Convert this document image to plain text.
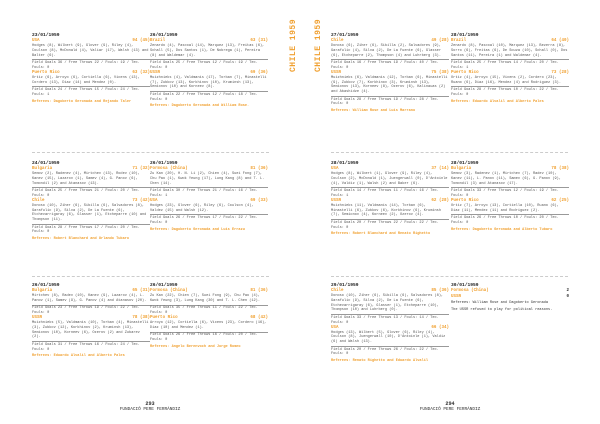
CHILE 1959
23/01/1959
USA	94 (45)
Hodges (8), Wilbert (9), Glover (9), Riley (4), Coulson (8), McDonald (4), Valiar (17), Walsh (13) and Balter (6).
Field Goals 36 / Free Throws 22 / Fouls: 19 / Tec. Fouls: 0
Puerto Rico	63 (32)
Ortiz (6), Arroyo (6), Cortiella (6), Vicens (13), Cordero (13), Diaz (14) and Mendez (0).
Field Goals 24 / Free Throws 15 / Fouls: 24 / Tec. Fouls: 1
Referees: Dagoberto Geronada and Rejando Taler
26/01/1959
Brazil	63 (31)
Zenardo (4), Pascoal (14), Marquez (13), Freitas (6), Schall (5), Dos Santos (1), De Nobrega (1), Pereira (8) and Waldemar (4).
Field Goals 25 / Free Throws 12 / Fouls: 19 / Tec. Fouls: 0
USSR	69 (36)
Muizhnieks (4), Valdmanis (17), Torban (7), Minastelli (7), Zubkov (13), Korkhinov (10), Kruminsh (13), Semionov (10) and Korneev (8).
Field Goals 22 / Free Throws 12 / Fouls: 18 / Tec. Fouls: 0
Referees: Dagoberto Geronada and William Rose.
24/01/1959
Bulgaria	71 (32)
Semov (2), Radenev (4), Mirtchev (13), Rodev (10), Kanev (15), Lazarov (1), Samev (4), G. Panov (6), Tomondil (2) and Atanasov (13).
Field Goals 25 / Free Throws 21 / Fouls: 20 / Tec. Fouls: 0
Chile	73 (42)
Donoso (10), Ziher (6), Sibilla (6), Salvadores (8), Garafulic (9), Silva (2), De La Fuente (6), Etchevarrigaray (6), Glasser (1), Etcheparre (10) and Thompson (11).
Field Goals 28 / Free Throws 17 / Fouls: 20 / Tec. Fouls: 0
Referees: Robert Blanchard and Orlando Tubaro
26/01/1959
Formosa (China)	81 (36)
Zu Kan (20), H. N. Li (2), Chien (4), Suei Fong (7), Chu Pao (1), Kwok Yeung (17), Lung Kang (8) and T. L. Chen (14).
Field Goals 30 / Free Throws 21 / Fouls: 16 / Tec. Fouls: 1
USA	69 (33)
Hodges (23), Glover (6), Riley (6), Coulson (4), Valdez (15) and Walsh (12).
Field Goals 26 / Free Throws 17 / Fouls: 22 / Tec. Fouls: 0
Referees: Dagoberto Geronada and Luis Errazu
26/01/1959
Bulgaria	65 (31)
Mirtchev (8), Radev (10), Kanev (9), Lazarov (4), L. Panov (1), Samev (9), G. Panov (4) and Atanasov (20).
Field Goals 23 / Free Throws 19 / Fouls: 22 / Tec. Fouls: 0
USSR	78 (38)
Muizhnieks (5), Valdmanis (10), Torban (4), Minastelli (3), Zubkov (12), Korkhinov (2), Kruminsh (13), Semionov (10), Korneev (6), Ozerov (2) and Zubarev (2).
Field Goals 31 / Free Throws 16 / Fouls: 24 / Tec. Fouls: 0
Referees: Eduardo Alvalil and Alberto Pales
26/01/1959
Formosa (China)	81 (36)
Zu Kan (22), Chien (7), Suei Fong (9), Chu Pao (4), Kwok Yeung (3), Lung Kang (30) and T. L. Chen (12).
Field Goals 35 / Free Throws 11 / Fouls: 22 / Tec. Fouls: 0
Puerto Rico	68 (42)
Arroyo (12), Cortiella (6), Vicens (23), Cordero (16), Diaz (10) and Mendez (1).
Field Goals 26 / Free Throws 16 / Fouls: 20 / Tec. Fouls: 0
Referees: Angelo Berenvoch and Jorge Romeo
293
FUNDACIÓ PERE FERRÁNDIZ
CHILE 1959 27/01/1959
Chile	49 (28)
Donoso (6), Ziher (6), Sibilla (2), Salvadores (9), Garafulic (4), Silva (2), De La Fuente (6), Glasser (6), Etcheparre (2), Thompson (4) and Luhrberg (3).
Field Goals 16 / Free Throws 19 / Fouls: 40 / Tec. Fouls: 0
USSR	75 (38)
Muizhnieks (6), Valdmanis (12), Torban (6), Minastelli (9), Zubkov (7), Korkhinov (3), Kruminsh (13), Semionov (13), Korneev (8), Ozerov (6), Kalinauas (2) and Abashidze (4).
Field Goals 28 / Free Throws 19 / Fouls: 28 / Tec. Fouls: 0
Referees: William Rose and Luis Marrano
28/01/1959
Brazil	64 (40)
Zenardo (8), Pascoal (10), Marquez (13), Bezerra (8), Sorro (6), Freitas (6), De Souza (10), Schall (0), Dos Santos (11), Pereira (1) and Waldemar (4).
Field Goals 25 / Free Throws 14 / Fouls: 20 / Tec. Fouls: 1
Puerto Rico	73 (28)
Ortiz (4), Arroyo (15), Vicens (2), Cordero (23), Ruano (6), Diaz (16), Mendez (4) and Rodriguez (3).
Field Goals 28 / Free Throws 10 / Fouls: 22 / Tec. Fouls: 0
Referees: Eduardo Alvalil and Alberto Pales
28/01/1959
USA	37 (14)
Hodges (8), Wilbert (1), Glover (9), Riley (4), Coulson (2), McDonald (1), Juengerwall (0), D'Antoinle (4), Valdiz (1), Walsh (2) and Baker (6).
Field Goals 14 / Free Throws 11 / Fouls: 16 / Tec. Fouls: 1
USSR	62 (28)
Muizhnieks (11), Valdmanis (14), Torban (6), Minastelli (6), Zubkov (6), Korkhinov (6), Kruminsh (7), Semionov (4), Korneev (2), Ozerov (4).
Field Goals 20 / Free Throws 22 / Fouls: 22 / Tec. Fouls: 0
Referees: Robert Blanchard and Renato Righetto
28/01/1959
Bulgaria	78 (38)
Semov (3), Radenev (1), Mirtchev (7), Radev (10), Kanev (11), L. Panov (11), Samev (6), G. Panov (9), Tomondil (3) and Atanasov (17).
Field Goals 33 / Free Throws 12 / Fouls: 19 / Tec. Fouls: 0
Puerto Rico	62 (25)
Ortiz (7), Arroyo (13), Cortiella (10), Ruano (6), Diaz (11), Mendez (11) and Rodriguez (2).
Field Goals 26 / Free Throws 10 / Fouls: 20 / Tec. Fouls: 0
Referees: Dagoberto Geronada and Alberto Tubaro
29/01/1959
Chile	85 (36)
Donoso (10), Ziher (6), Sibilla (6), Salvadores (8), Garafulic (9), Silva (2), De La Fuente (6), Etchevarrigaray (6), Glasser (1), Etcheparre (10), Thompson (10) and Luhrberg (0).
Field Goals 33 / Free Throws 13 / Fouls: 14 / Tec. Fouls: 0
USA	66 (34)
Hodges (13), Wilbert (5), Glover (6), Riley (4), Coulson (8), Juengerwall (10), D'Antoinle (1), Valdiz (6) and Walsh (13).
Field Goals 20 / Free Throws 26 / Fouls: 22 / Tec. Fouls: 0
Referees: Renato Righetto and Eduardo Alvalil
30/01/1959
Formosa (China)	2
USSR	0
Referees: William Rose and Dagoberto Geronada
The USSR refused to play for political reasons.
294
FUNDACIÓ PERE FERRÁNDIZ
